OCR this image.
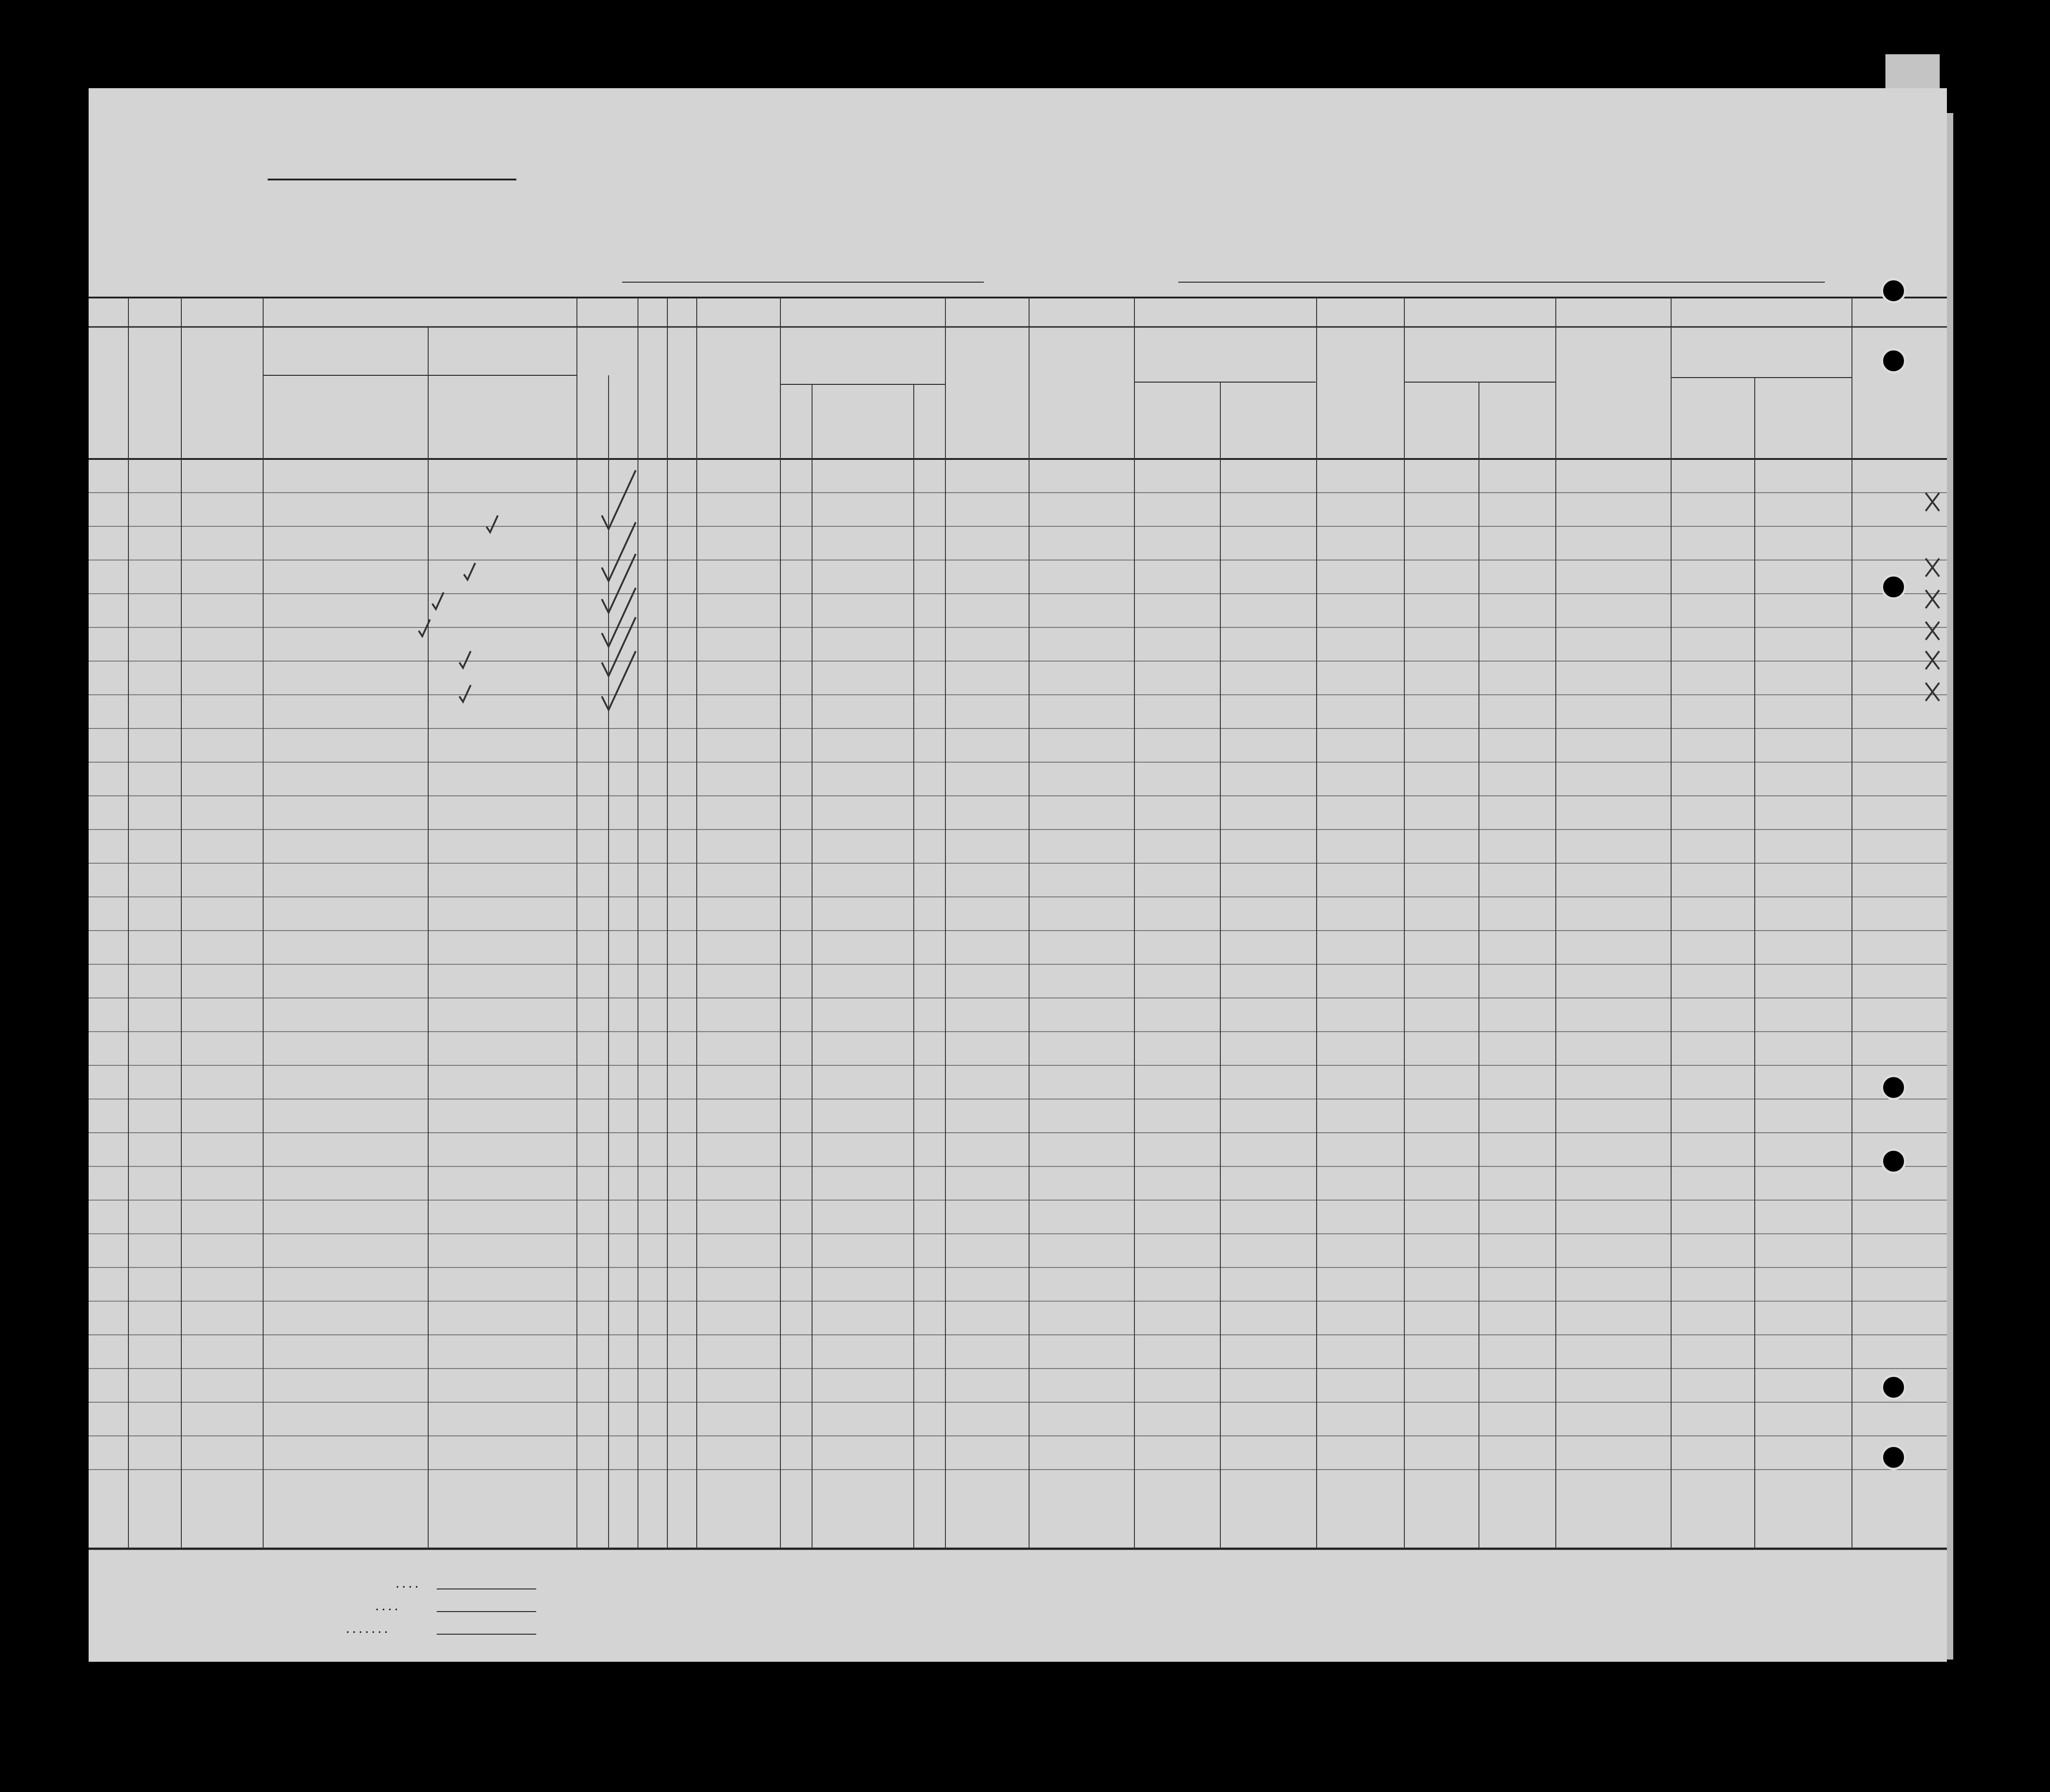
....
....
.......
